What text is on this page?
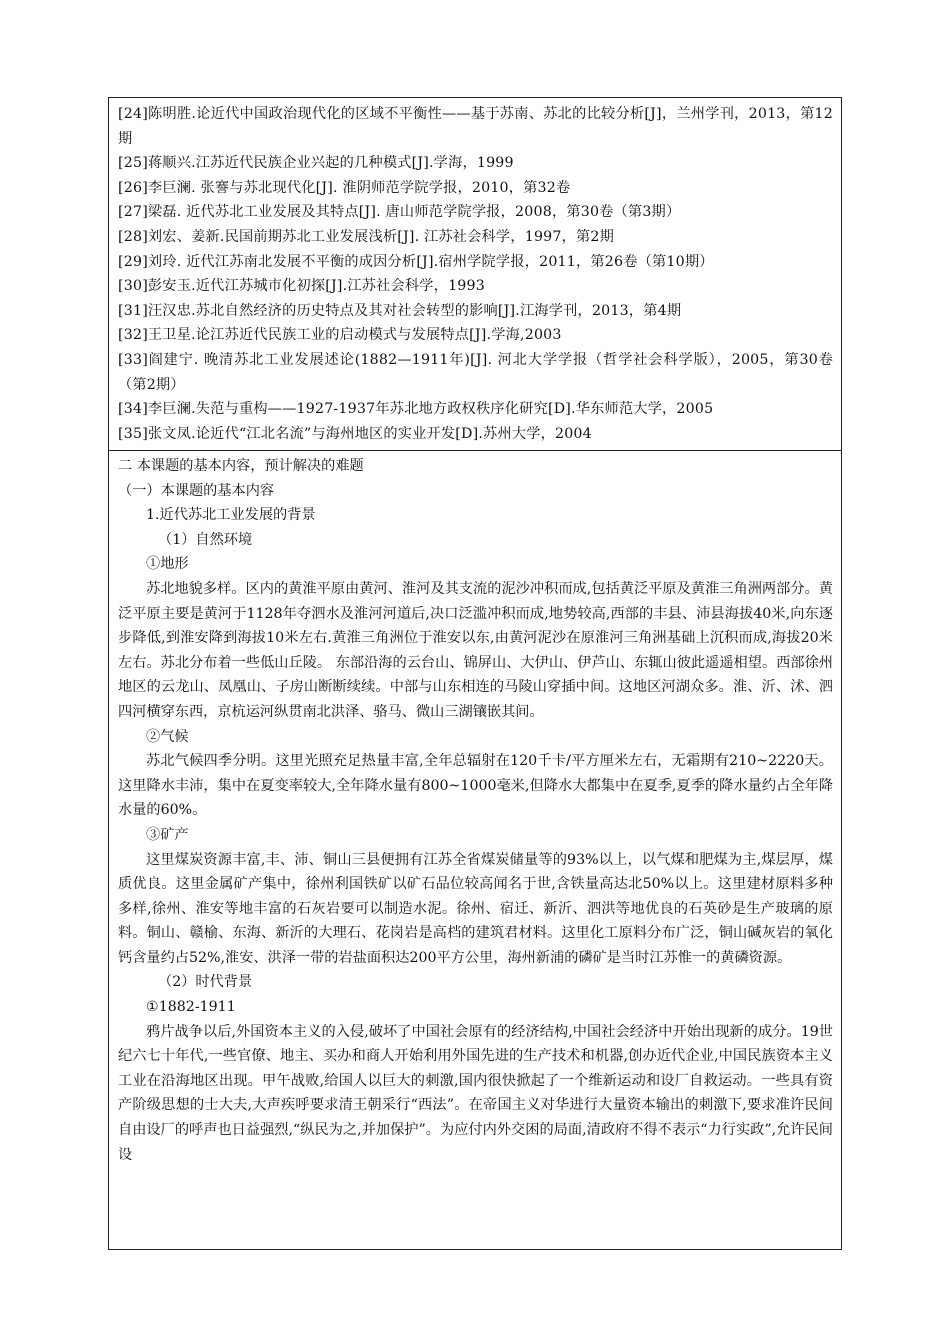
[24]陈明胜.论近代中国政治现代化的区域不平衡性——基于苏南、苏北的比较分析[J]，兰州学刊，2013，第12期
[25]蒋顺兴.江苏近代民族企业兴起的几种模式[J].学海，1999
[26]李巨澜. 张謇与苏北现代化[J]. 淮阴师范学院学报，2010，第32卷
[27]梁磊. 近代苏北工业发展及其特点[J]. 唐山师范学院学报，2008，第30卷（第3期）
[28]刘宏、姜新.民国前期苏北工业发展浅析[J]. 江苏社会科学，1997，第2期
[29]刘玲. 近代江苏南北发展不平衡的成因分析[J].宿州学院学报，2011，第26卷（第10期）
[30]彭安玉.近代江苏城市化初探[J].江苏社会科学，1993
[31]汪汉忠.苏北自然经济的历史特点及其对社会转型的影响[J].江海学刊，2013，第4期
[32]王卫星.论江苏近代民族工业的启动模式与发展特点[J].学海,2003
[33]阎建宁. 晚清苏北工业发展述论(1882—1911年)[J]. 河北大学学报（哲学社会科学版），2005，第30卷（第2期）
[34]李巨澜.失范与重构——1927-1937年苏北地方政权秩序化研究[D].华东师范大学，2005
[35]张文凤.论近代“江北名流”与海州地区的实业开发[D].苏州大学，2004
二 本课题的基本内容，预计解决的难题
（一）本课题的基本内容
1.近代苏北工业发展的背景
（1）自然环境
①地形

苏北地貌多样。区内的黄淮平原由黄河、淮河及其支流的泥沙冲积而成,包括黄泛平原及黄淮三角洲两部分。黄泛平原主要是黄河于1128年夺泗水及淮河河道后,决口泛滥冲积而成,地势较高,西部的丰县、沛县海拔40米,向东逐步降低,到淮安降到海拔10米左右.黄淮三角洲位于淮安以东,由黄河泥沙在原淮河三角洲基础上沉积而成,海拔20米左右。苏北分布着一些低山丘陵。 东部沿海的云台山、锦屏山、大伊山、伊芦山、东辄山彼此遥遥相望。西部徐州地区的云龙山、凤凰山、子房山断断续续。中部与山东相连的马陵山穿插中间。这地区河湖众多。淮、沂、沭、泗四河横穿东西，京杭运河纵贯南北洪泽、骆马、微山三湖镶嵌其间。

②气候

苏北气候四季分明。这里光照充足热量丰富,全年总辐射在120千卡/平方厘米左右，无霜期有210~2220天。这里降水丰沛，集中在夏变率较大,全年降水量有800~1000毫米,但降水大都集中在夏季,夏季的降水量约占全年降水量的60%。

③矿产

这里煤炭资源丰富,丰、沛、铜山三县便拥有江苏全省煤炭储量等的93%以上，以气煤和肥煤为主,煤层厚，煤质优良。这里金属矿产集中，徐州利国铁矿以矿石品位较高闻名于世,含铁量高达北50%以上。这里建材原料多种多样,徐州、淮安等地丰富的石灰岩要可以制造水泥。徐州、宿迁、新沂、泗洪等地优良的石英砂是生产玻璃的原料。铜山、赣榆、东海、新沂的大理石、花岗岩是高档的建筑君材料。这里化工原料分布广泛，铜山碱灰岩的氧化钙含量约占52%,淮安、洪泽一带的岩盐面积达200平方公里，海州新浦的磷矿是当时江苏惟一的黄磷资源。

（2）时代背景
①1882-1911

鸦片战争以后,外国资本主义的入侵,破坏了中国社会原有的经济结构,中国社会经济中开始出现新的成分。19世纪六七十年代,一些官僚、地主、买办和商人开始利用外国先进的生产技术和机器,创办近代企业,中国民族资本主义工业在沿海地区出现。甲午战败,给国人以巨大的刺激,国内很快掀起了一个维新运动和设厂自救运动。一些具有资产阶级思想的士大夫,大声疾呼要求清王朝采行“西法”。在帝国主义对华进行大量资本输出的刺激下,要求准许民间自由设厂的呼声也日益强烈,“纵民为之,并加保护”。为应付内外交困的局面,清政府不得不表示“力行实政”,允许民间设
